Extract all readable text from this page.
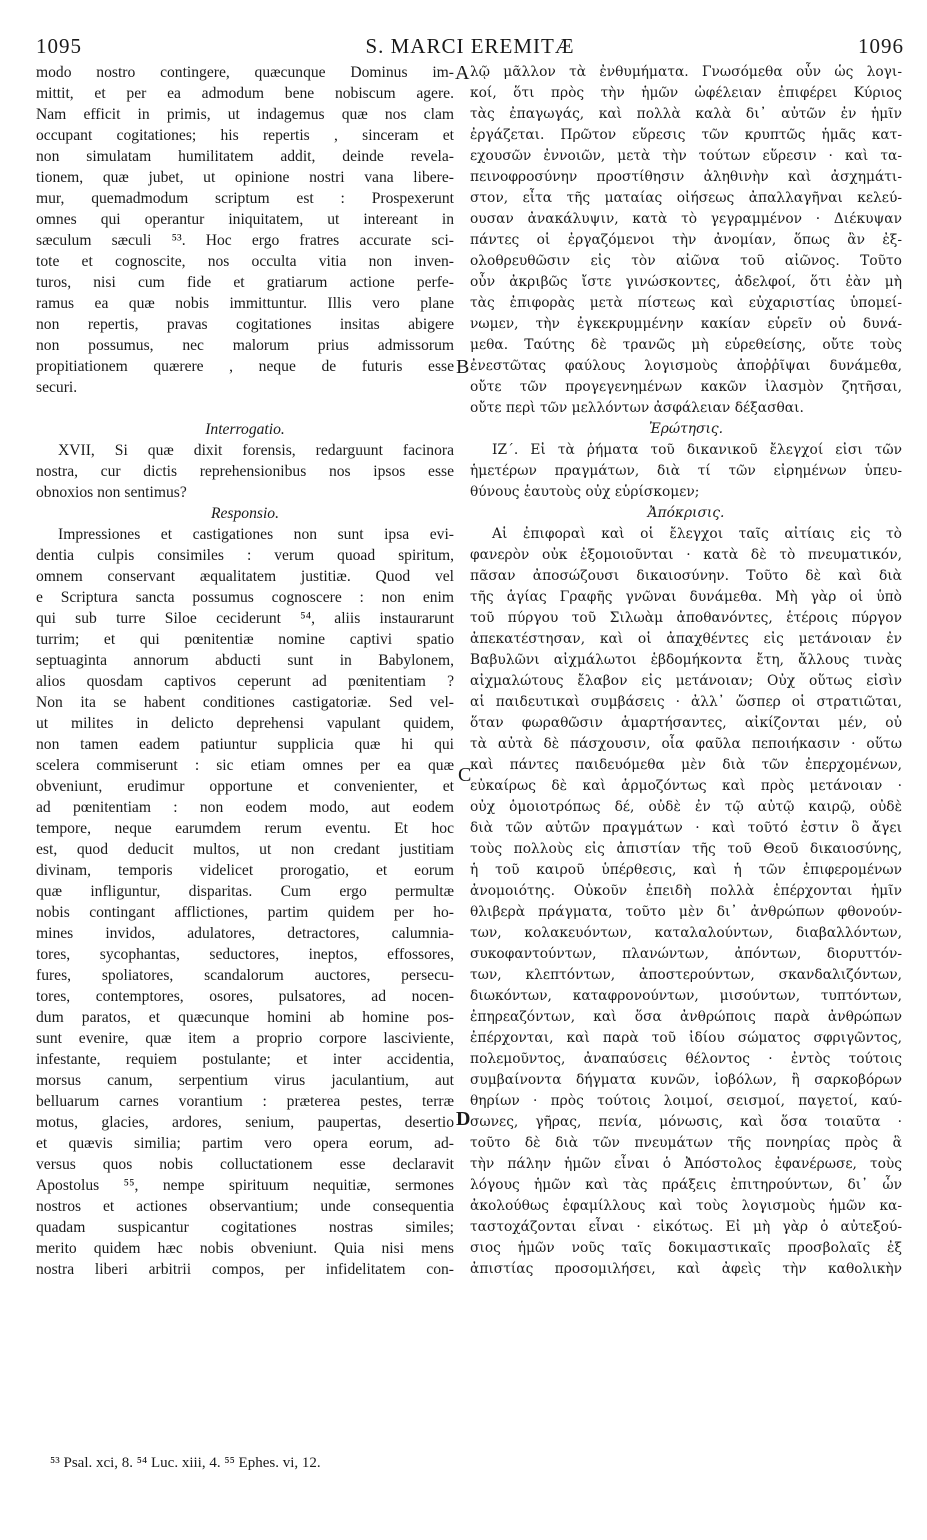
1095	S. MARCI EREMITÆ	1096
A
B
C
D
modo nostro contingere, quæcunque Dominus im-
mittit, et per ea admodum bene nobiscum agere.
Nam efficit in primis, ut indagemus quæ nos clam
occupant cogitationes; his repertis , sinceram et
non simulatam humilitatem addit, deinde revela-
tionem, quæ jubet, ut opinione nostri vana libere-
mur, quemadmodum scriptum est : Prospexerunt
omnes qui operantur iniquitatem, ut intereant in
sæculum sæculi ⁵³. Hoc ergo fratres accurate sci-
tote et cognoscite, nos occulta vitia non inven-
turos, nisi cum fide et gratiarum actione perfe-
ramus ea quæ nobis immittuntur. Illis vero plane
non repertis, pravas cogitationes insitas abigere
non possumus, nec malorum prius admissorum
propitiationem quærere , neque de futuris esse
securi.
Interrogatio.
XVII, Si quæ dixit forensis, redarguunt facinora
nostra, cur dictis reprehensionibus nos ipsos esse
obnoxios non sentimus?
Responsio.
Impressiones et castigationes non sunt ipsa evi-
dentia culpis consimiles : verum quoad spiritum,
omnem conservant æqualitatem justitiæ. Quod vel
e Scriptura sancta possumus cognoscere : non enim
qui sub turre Siloe ceciderunt ⁵⁴, aliis instaurarunt
turrim; et qui pœnitentiæ nomine captivi spatio
septuaginta annorum abducti sunt in Babylonem,
alios quosdam captivos ceperunt ad pœnitentiam ?
Non ita se habent conditiones castigatoriæ. Sed vel-
ut milites in delicto deprehensi vapulant quidem,
non tamen eadem patiuntur supplicia quæ hi qui
scelera commiserunt : sic etiam omnes per ea quæ
obveniunt, erudimur opportune et convenienter, et
ad pœnitentiam : non eodem modo, aut eodem
tempore, neque earumdem rerum eventu. Et hoc
est, quod deducit multos, ut non credant justitiam
divinam, temporis videlicet prorogatio, et eorum
quæ infliguntur, disparitas. Cum ergo permultæ
nobis contingant afflictiones, partim quidem per ho-
mines invidos, adulatores, detractores, calumnia-
tores, sycophantas, seductores, ineptos, effossores,
fures, spoliatores, scandalorum auctores, persecu-
tores, contemptores, osores, pulsatores, ad nocen-
dum paratos, et quæcunque homini ab homine pos-
sunt evenire, quæ item a proprio corpore lasciviente,
infestante, requiem postulante; et inter accidentia,
morsus canum, serpentium virus jaculantium, aut
belluarum carnes vorantium : præterea pestes, terræ
motus, glacies, ardores, senium, paupertas, desertio
et quævis similia; partim vero opera eorum, ad-
versus quos nobis colluctationem esse declaravit
Apostolus ⁵⁵, nempe spirituum nequitiæ, sermones
nostros et actiones observantium; unde consequentia
quadam suspicantur cogitationes nostras similes;
merito quidem hæc nobis obveniunt. Quia nisi mens
nostra liberi arbitrii compos, per infidelitatem con-
λῷ μᾶλλον τὰ ἐνθυμήματα. Γνωσόμεθα οὖν ὡς λογι-
κοί, ὅτι πρὸς τὴν ἡμῶν ὠφέλειαν ἐπιφέρει Κύριος
τὰς ἐπαγωγάς, καὶ πολλὰ καλὰ δι᾽ αὐτῶν ἐν ἡμῖν
ἐργάζεται. Πρῶτον εὕρεσις τῶν κρυπτῶς ἡμᾶς κατ-
εχουσῶν ἐννοιῶν, μετὰ τὴν τούτων εὕρεσιν · καὶ τα-
πεινοφροσύνην προστίθησιν ἀληθινὴν καὶ ἀσχημάτι-
στον, εἶτα τῆς ματαίας οἰήσεως ἀπαλλαγῆναι κελεύ-
ουσαν ἀνακάλυψιν, κατὰ τὸ γεγραμμένον · Διέκυψαν
πάντες οἱ ἐργαζόμενοι τὴν ἀνομίαν, ὅπως ἂν ἐξ-
ολοθρευθῶσιν εἰς τὸν αἰῶνα τοῦ αἰῶνος. Τοῦτο
οὖν ἀκριβῶς ἴστε γινώσκοντες, ἀδελφοί, ὅτι ἐὰν μὴ
τὰς ἐπιφορὰς μετὰ πίστεως καὶ εὐχαριστίας ὑπομεί-
νωμεν, τὴν ἐγκεκρυμμένην κακίαν εὑρεῖν οὐ δυνά-
μεθα. Ταύτης δὲ τρανῶς μὴ εὑρεθείσης, οὔτε τοὺς
ἐνεστῶτας φαύλους λογισμοὺς ἀποῤῥῖψαι δυνάμεθα,
οὔτε τῶν προγεγενημένων κακῶν ἱλασμὸν ζητῆσαι,
οὔτε περὶ τῶν μελλόντων ἀσφάλειαν δέξασθαι.
Ἐρώτησις.
ΙΖ΄. Εἰ τὰ ῥήματα τοῦ δικανικοῦ ἔλεγχοί εἰσι τῶν
ἡμετέρων πραγμάτων, διὰ τί τῶν εἰρημένων ὑπευ-
θύνους ἑαυτοὺς οὐχ εὑρίσκομεν;
Ἀπόκρισις.
Αἱ ἐπιφοραὶ καὶ οἱ ἔλεγχοι ταῖς αἰτίαις εἰς τὸ
φανερὸν οὐκ ἐξομοιοῦνται · κατὰ δὲ τὸ πνευματικόν,
πᾶσαν ἀποσώζουσι δικαιοσύνην. Τοῦτο δὲ καὶ διὰ
τῆς ἁγίας Γραφῆς γνῶναι δυνάμεθα. Μὴ γὰρ οἱ ὑπὸ
τοῦ πύργου τοῦ Σιλωὰμ ἀποθανόντες, ἑτέροις πύργον
ἀπεκατέστησαν, καὶ οἱ ἀπαχθέντες εἰς μετάνοιαν ἐν
Βαβυλῶνι αἰχμάλωτοι ἑβδομήκοντα ἔτη, ἄλλους τινὰς
αἰχμαλώτους ἔλαβον εἰς μετάνοιαν; Οὐχ οὕτως εἰσὶν
αἱ παιδευτικαὶ συμβάσεις · ἀλλ᾽ ὥσπερ οἱ στρατιῶται,
ὅταν φωραθῶσιν ἁμαρτήσαντες, αἰκίζονται μέν, οὐ
τὰ αὐτὰ δὲ πάσχουσιν, οἷα φαῦλα πεποιήκασιν · οὕτω
καὶ πάντες παιδευόμεθα μὲν διὰ τῶν ἐπερχομένων,
εὐκαίρως δὲ καὶ ἁρμοζόντως καὶ πρὸς μετάνοιαν ·
οὐχ ὁμοιοτρόπως δέ, οὐδὲ ἐν τῷ αὐτῷ καιρῷ, οὐδὲ
διὰ τῶν αὐτῶν πραγμάτων · καὶ τοῦτό ἐστιν ὃ ἄγει
τοὺς πολλοὺς εἰς ἀπιστίαν τῆς τοῦ Θεοῦ δικαιοσύνης,
ἡ τοῦ καιροῦ ὑπέρθεσις, καὶ ἡ τῶν ἐπιφερομένων
ἀνομοιότης. Οὐκοῦν ἐπειδὴ πολλὰ ἐπέρχονται ἡμῖν
θλιβερὰ πράγματα, τοῦτο μὲν δι᾽ ἀνθρώπων φθονούν-
των, κολακευόντων, καταλαλούντων, διαβαλλόντων,
συκοφαντούντων, πλανώντων, ἀπόντων, διορυττόν-
των, κλεπτόντων, ἀποστερούντων, σκανδαλιζόντων,
διωκόντων, καταφρονούντων, μισούντων, τυπτόντων,
ἐπηρεαζόντων, καὶ ὅσα ἀνθρώποις παρὰ ἀνθρώπων
ἐπέρχονται, καὶ παρὰ τοῦ ἰδίου σώματος σφριγῶντος,
πολεμοῦντος, ἀναπαύσεις θέλοντος · ἐντὸς τούτοις
συμβαίνοντα δήγματα κυνῶν, ἰοβόλων, ἢ σαρκοβόρων
θηρίων · πρὸς τούτοις λοιμοί, σεισμοί, παγετοί, καύ-
σωνες, γῆρας, πενία, μόνωσις, καὶ ὅσα τοιαῦτα ·
τοῦτο δὲ διὰ τῶν πνευμάτων τῆς πονηρίας πρὸς ἃ
τὴν πάλην ἡμῶν εἶναι ὁ Ἀπόστολος ἐφανέρωσε, τοὺς
λόγους ἡμῶν καὶ τὰς πράξεις ἐπιτηρούντων, δι᾽ ὧν
ἀκολούθως ἐφαμίλλους καὶ τοὺς λογισμοὺς ἡμῶν κα-
ταστοχάζονται εἶναι · εἰκότως. Εἰ μὴ γὰρ ὁ αὐτεξού-
σιος ἡμῶν νοῦς ταῖς δοκιμαστικαῖς προσβολαῖς ἐξ
ἀπιστίας προσομιλήσει, καὶ ἀφεὶς τὴν καθολικὴν
⁵³ Psal. xci, 8. ⁵⁴ Luc. xiii, 4. ⁵⁵ Ephes. vi, 12.
